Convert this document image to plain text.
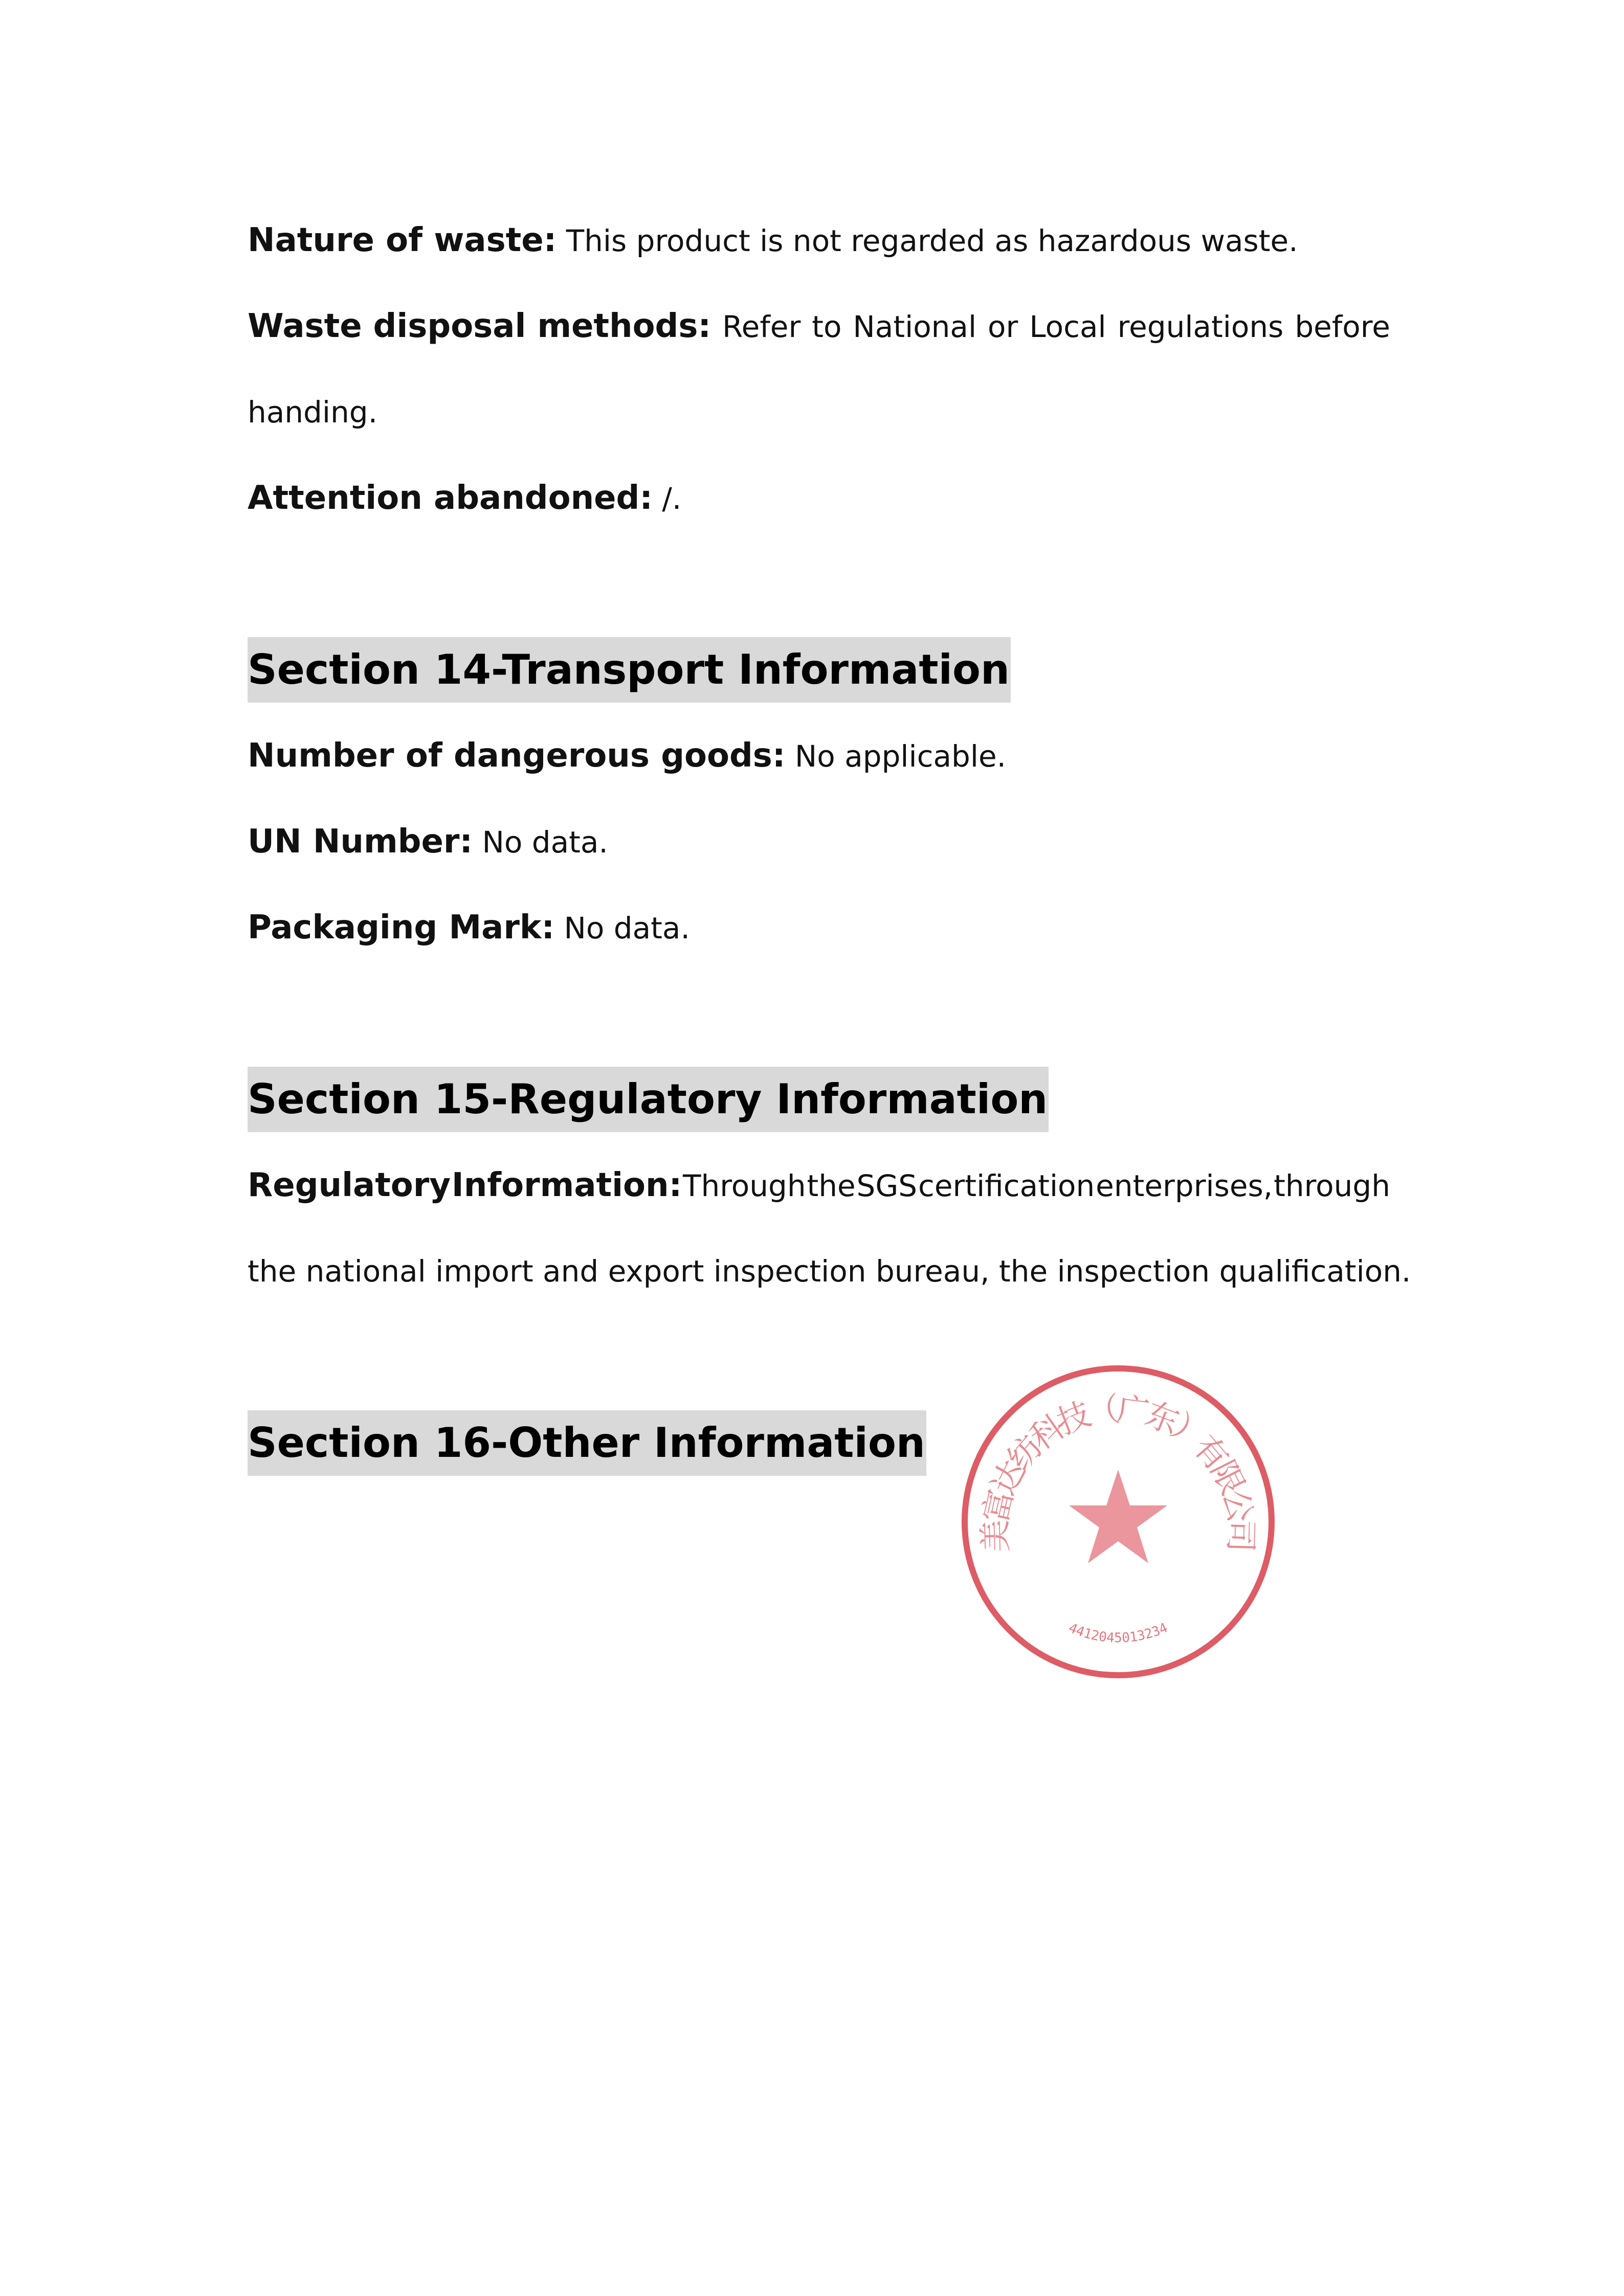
Nature of waste: This product is not regarded as hazardous waste.
Waste disposal methods: Refer to National or Local regulations before
handing.
Attention abandoned: /.
Section 14-Transport Information
Number of dangerous goods: No applicable.
UN Number: No data.
Packaging Mark: No data.
Section 15-Regulatory Information
Regulatory Information: Through the SGS certification enterprises, through
the national import and export inspection bureau, the inspection qualification.
Section 16-Other Information
美富达纺科技（广东）有限公司
4412045013234
